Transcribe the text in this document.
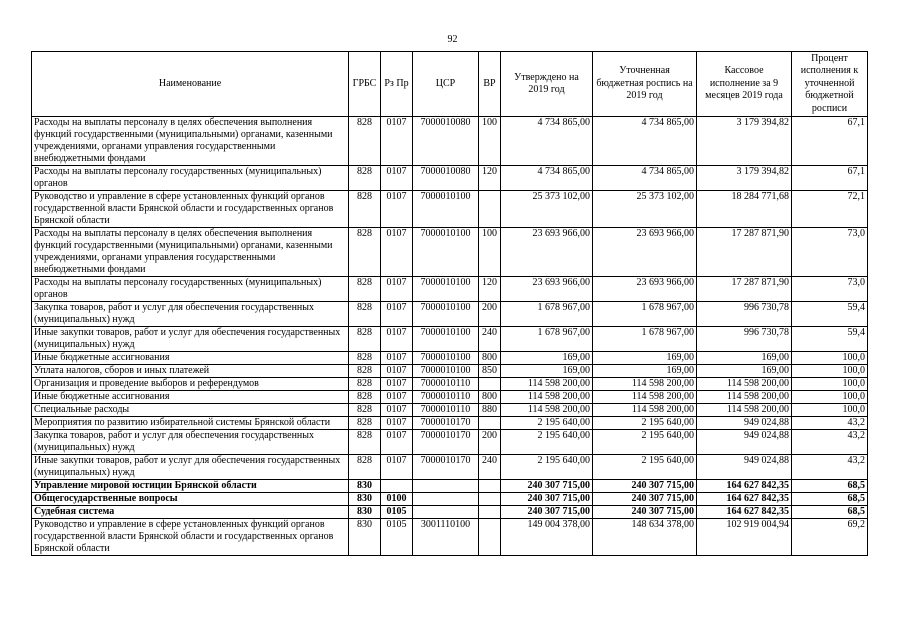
92
Наименование	ГРБС	Рз Пр	ЦСР	ВР	Утверждено на 2019 год	Уточненная бюджетная роспись на 2019 год	Кассовое исполнение за 9 месяцев 2019 года	Процент исполнения к уточненной бюджетной росписи
Расходы на выплаты персоналу в целях обеспечения выполнения функций государственными (муниципальными) органами, казенными учреждениями, органами управления государственными внебюджетными фондами	828	0107	7000010080	100	4 734 865,00	4 734 865,00	3 179 394,82	67,1
Расходы на выплаты персоналу государственных (муниципальных) органов	828	0107	7000010080	120	4 734 865,00	4 734 865,00	3 179 394,82	67,1
Руководство и управление в сфере установленных функций органов государственной власти Брянской области и государственных органов Брянской области	828	0107	7000010100		25 373 102,00	25 373 102,00	18 284 771,68	72,1
Расходы на выплаты персоналу в целях обеспечения выполнения функций государственными (муниципальными) органами, казенными учреждениями, органами управления государственными внебюджетными фондами	828	0107	7000010100	100	23 693 966,00	23 693 966,00	17 287 871,90	73,0
Расходы на выплаты персоналу государственных (муниципальных) органов	828	0107	7000010100	120	23 693 966,00	23 693 966,00	17 287 871,90	73,0
Закупка товаров, работ и услуг для обеспечения государственных (муниципальных) нужд	828	0107	7000010100	200	1 678 967,00	1 678 967,00	996 730,78	59,4
Иные закупки товаров, работ и услуг для обеспечения государственных (муниципальных) нужд	828	0107	7000010100	240	1 678 967,00	1 678 967,00	996 730,78	59,4
Иные бюджетные ассигнования	828	0107	7000010100	800	169,00	169,00	169,00	100,0
Уплата налогов, сборов и иных платежей	828	0107	7000010100	850	169,00	169,00	169,00	100,0
Организация и проведение выборов и референдумов	828	0107	7000010110		114 598 200,00	114 598 200,00	114 598 200,00	100,0
Иные бюджетные ассигнования	828	0107	7000010110	800	114 598 200,00	114 598 200,00	114 598 200,00	100,0
Специальные расходы	828	0107	7000010110	880	114 598 200,00	114 598 200,00	114 598 200,00	100,0
Мероприятия по развитию избирательной системы Брянской области	828	0107	7000010170		2 195 640,00	2 195 640,00	949 024,88	43,2
Закупка товаров, работ и услуг для обеспечения государственных (муниципальных) нужд	828	0107	7000010170	200	2 195 640,00	2 195 640,00	949 024,88	43,2
Иные закупки товаров, работ и услуг для обеспечения государственных (муниципальных) нужд	828	0107	7000010170	240	2 195 640,00	2 195 640,00	949 024,88	43,2
Управление мировой юстиции Брянской области	830				240 307 715,00	240 307 715,00	164 627 842,35	68,5
Общегосударственные вопросы	830	0100			240 307 715,00	240 307 715,00	164 627 842,35	68,5
Судебная система	830	0105			240 307 715,00	240 307 715,00	164 627 842,35	68,5
Руководство и управление в сфере установленных функций органов государственной власти Брянской области и государственных органов Брянской области	830	0105	3001110100		149 004 378,00	148 634 378,00	102 919 004,94	69,2
